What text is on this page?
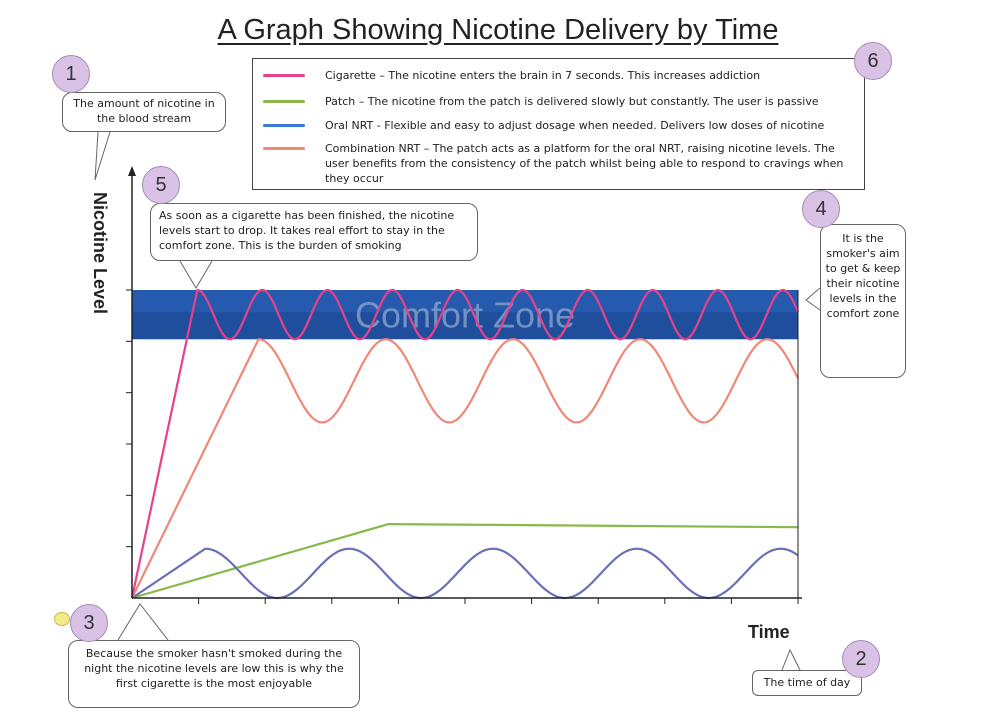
Comfort Zone
A Graph Showing Nicotine Delivery by Time
Nicotine Level
Time
Cigarette – The nicotine enters the brain in 7 seconds. This increases addiction
Patch – The nicotine from the patch is delivered slowly but constantly. The user is passive
Oral NRT - Flexible and easy to adjust dosage when needed. Delivers low doses of nicotine
Combination NRT – The patch acts as a platform for the oral NRT, raising nicotine levels. The user benefits from the consistency of the patch whilst being able to respond to cravings when they occur
The amount of nicotine in the blood stream
As soon as a cigarette has been finished, the nicotine levels start to drop. It takes real effort to stay in the comfort zone. This is the burden of smoking
It is the smoker's aim to get & keep their nicotine levels in the comfort zone
Because the smoker hasn't smoked during the night the nicotine levels are low this is why the first cigarette is the most enjoyable	The time of day
1
2
3
4
5
6
